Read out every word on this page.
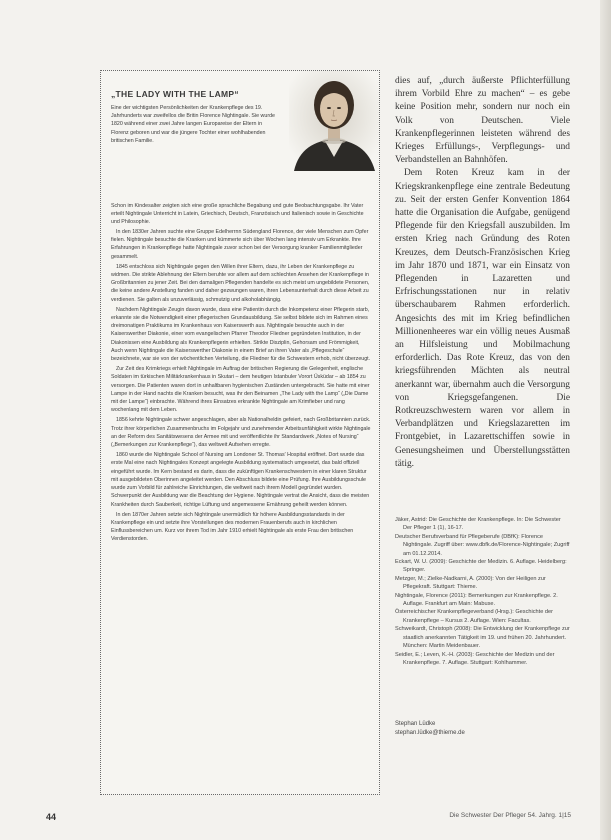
„THE LADY WITH THE LAMP“

Eine der wichtigsten Persönlichkeiten der Krankenpflege des 19. Jahrhunderts war zweifellos die Britin Florence Nightingale. Sie wurde 1820 während einer zwei Jahre langen Europareise der Eltern in Florenz geboren und war die jüngere Tochter einer wohlhabenden britischen Familie.

Schon im Kindesalter zeigten sich eine große sprachliche Begabung und gute Beobachtungsgabe. Ihr Vater erteilt Nightingale Unterricht in Latein, Griechisch, Deutsch, Französisch und Italienisch sowie in Geschichte und Philosophie.

In den 1830er Jahren suchte eine Gruppe Edelherrnn Südengland Florence, der viele Menschen zum Opfer fielen. Nightingale besuchte die Kranken und kümmerte sich über Wochen lang intensiv um Erkrankte. Ihre Erfahrungen in Krankenpflege hatte Nightingale zuvor schon bei der Versorgung kranker Familienmitglieder gesammelt.

1845 entschloss sich Nightingale gegen den Willen ihrer Eltern, dazu, ihr Leben der Krankenpflege zu widmen. Die strikte Ablehnung der Eltern beruhte vor allem auf dem schlechten Ansehen der Krankenpflege in Großbritannien zu jener Zeit. Bei den damaligen Pflegenden handelte es sich meist um ungebildete Personen, die keine andere Anstellung fanden und daher gezwungen waren, ihren Lebensunterhalt durch diese Arbeit zu verdienen. Sie galten als unzuverlässig, schmutzig und alkoholabhängig.

Nachdem Nightingale Zeugin davon wurde, dass eine Patientin durch die Inkompetenz einer Pflegerin starb, erkannte sie die Notwendigkeit einer pflegerischen Grundausbildung. Sie selbst bildete sich im Rahmen eines dreimonatigen Praktikums im Krankenhaus von Kaiserswerth aus. Nightingale besuchte auch in der Kaiserswerther Diakonie, einer vom evangelischen Pfarrer Theodor Fliedner gegründeten Institution, in der Diakonissen eine Ausbildung als Krankenpflegerin erhielten. Strikte Disziplin, Gehorsam und Frömmigkeit, Auch wenn Nightingale die Kaiserswerther Diakonie in einem Brief an ihren Vater als „Pflegeschule“ bezeichnete, war sie von der wöchentlichen Verteilung, die Fliedner für die Schwestern erhob, nicht überzeugt.

Zur Zeit des Krimkriegs erhielt Nightingale im Auftrag der britischen Regierung die Gelegenheit, englische Soldaten im türkischen Militärkrankenhaus in Skutari – dem heutigen Istanbuler Vorort Üsküdar – ab 1854 zu versorgen. Die Patienten waren dort in unhaltbaren hygienischen Zuständen untergebracht. Sie hatte mit einer Lampe in der Hand nachts die Kranken besucht, was ihr den Beinamen „The Lady with the Lamp“ („Die Dame mit der Lampe“) einbrachte. Während ihres Einsatzes erkrankte Nightingale am Krimfieber und rang wochenlang mit dem Leben.

1856 kehrte Nightingale schwer angeschlagen, aber als Nationalheldin gefeiert, nach Großbritannien zurück. Trotz ihrer körperlichen Zusammenbruchs im Folgejahr und zunehmender Arbeitsunfähigkeit wirkte Nightingale an der Reform des Sanitätswesens der Armee mit und veröffentlichte ihr Standardwerk „Notes of Nursing“ („Bemerkungen zur Krankenpflege“), das weltweit Aufsehen erregte.

1860 wurde die Nightingale School of Nursing am Londoner St. Thomas' Hospital eröffnet. Dort wurde das erste Mal eine nach Nightingales Konzept angelegte Ausbildung systematisch umgesetzt, das bald offiziell eingeführt wurde. Im Kern bestand es darin, dass die zukünftigen Krankenschwestern in einer klaren Struktur mit ausgebildeten Oberinnen angeleitet werden. Den Abschluss bildete eine Prüfung. Ihre Ausbildungsschule wurde zum Vorbild für zahlreiche Einrichtungen, die weltweit nach ihrem Modell gegründet wurden. Schwerpunkt der Ausbildung war die Beachtung der Hygiene. Nightingale vertrat die Ansicht, dass die meisten Krankheiten durch Sauberkeit, richtige Lüftung und angemessene Ernährung geheilt werden können.

In den 1870er Jahren setzte sich Nightingale unermüdlich für höhere Ausbildungsstandards in der Krankenpflege ein und setzte ihre Vorstellungen des modernen Frauenberufs auch in kirchlichen Einflussbereichen um. Kurz vor ihrem Tod im Jahr 1910 erhielt Nightingale als erste Frau den britischen Verdienstorden.

dies auf, „durch äußerste Pflichterfüllung ihrem Vorbild Ehre zu machen“ – es gebe keine Position mehr, sondern nur noch ein Volk von Deutschen. Viele Krankenpflegerinnen leisteten während des Krieges Erfüllungs-, Verpflegungs- und Verbandstellen an Bahnhöfen.

Dem Roten Kreuz kam in der Kriegskrankenpflege eine zentrale Bedeutung zu. Seit der ersten Genfer Konvention 1864 hatte die Organisation die Aufgabe, genügend Pflegende für den Kriegsfall auszubilden. Im ersten Krieg nach Gründung des Roten Kreuzes, dem Deutsch-Französischen Krieg im Jahr 1870 und 1871, war ein Einsatz von Pflegenden in Lazaretten und Erfrischungsstationen nur in relativ überschaubarem Rahmen erforderlich. Angesichts des mit im Krieg befindlichen Millionenheeres war ein völlig neues Ausmaß an Hilfsleistung und Mobilmachung erforderlich. Das Rote Kreuz, das von den kriegsführenden Mächten als neutral anerkannt war, übernahm auch die Versorgung von Kriegsgefangenen. Die Rotkreuzschwestern waren vor allem in Verbandplätzen und Kriegslazaretten im Frontgebiet, in Lazarettschiffen sowie in Genesungsheimen und Überstellungsstätten tätig.

Jäker, Astrid: Die Geschichte der Krankenpflege. In: Die Schwester Der Pfleger 1 (1), 16-17.

Deutscher Berufsverband für Pflegeberufe (DBfK): Florence Nightingale. Zugriff über: www.dbfk.de/Florence-Nightingale; Zugriff am 01.12.2014.

Eckart, W. U. (2009): Geschichte der Medizin. 6. Auflage. Heidelberg: Springer.

Metzger, M.; Zielke-Nadkarni, A. (2000): Von der Heiligen zur Pflegekraft. Stuttgart: Thieme.

Nightingale, Florence (2011): Bemerkungen zur Krankenpflege. 2. Auflage. Frankfurt am Main: Mabuse.

Österreichischer Krankenpflegeverband (Hrsg.): Geschichte der Krankenpflege – Kursus 2. Auflage. Wien: Facultas.

Schweikardt, Christoph (2008): Die Entwicklung der Krankenpflege zur staatlich anerkannten Tätigkeit im 19. und frühen 20. Jahrhundert. München: Martin Meidenbauer.

Seidler, E.; Leven, K.-H. (2003): Geschichte der Medizin und der Krankenpflege. 7. Auflage. Stuttgart: Kohlhammer.

Stephan Lüdke

stephan.lüdke@thieme.de

44	Die Schwester Der Pfleger 54. Jahrg. 1|15
